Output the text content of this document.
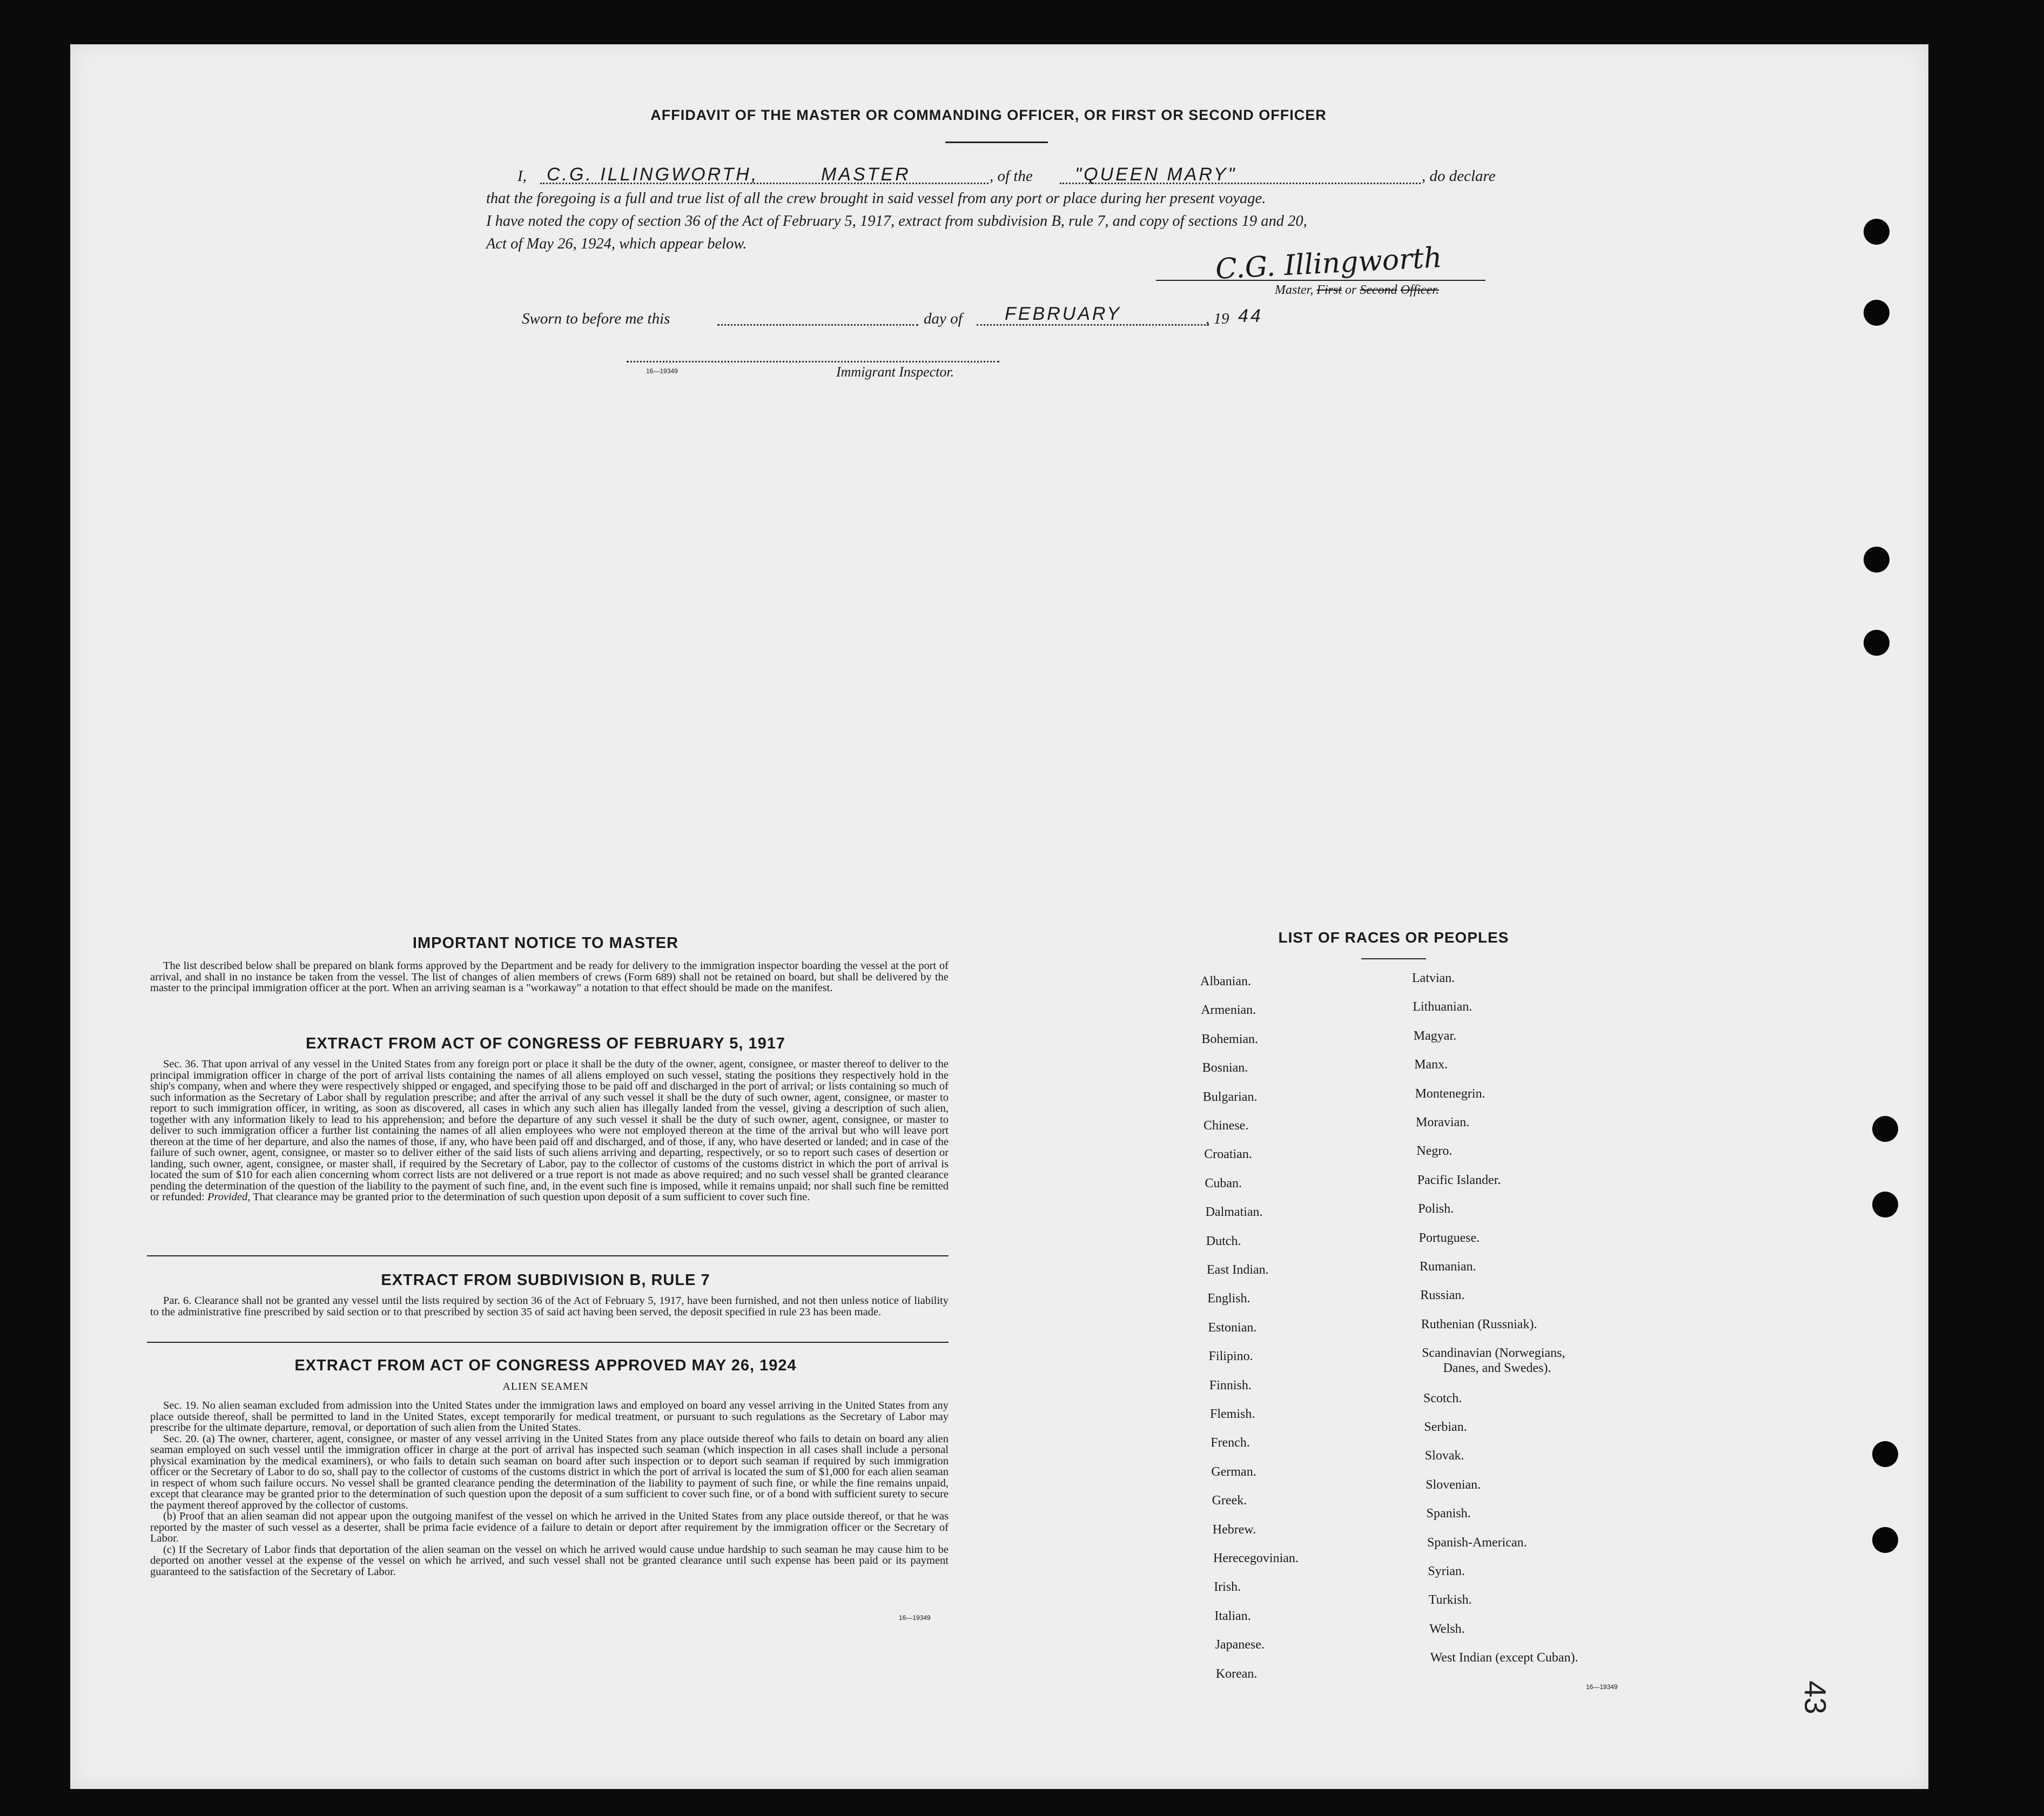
AFFIDAVIT OF THE MASTER OR COMMANDING OFFICER, OR FIRST OR SECOND OFFICER
I, C.G. ILLINGWORTH,	MASTER	, of the "QUEEN MARY"	, do declare
that the foregoing is a full and true list of all the crew brought in said vessel from any port or place during her present voyage.
I have noted the copy of section 36 of the Act of February 5, 1917, extract from subdivision B, rule 7, and copy of sections 19 and 20,
Act of May 26, 1924, which appear below.	C.G. Illingworth
Master, First or Second Officer.
Sworn to before me this	day of FEBRUARY	, 19 44
16—19349	Immigrant Inspector.
IMPORTANT NOTICE TO MASTER

The list described below shall be prepared on blank forms approved by the Department and be ready for delivery to the immigration inspector boarding the vessel at the port of arrival, and shall in no instance be taken from the vessel. The list of changes of alien members of crews (Form 689) shall not be retained on board, but shall be delivered by the master to the principal immigration officer at the port. When an arriving seaman is a "workaway" a notation to that effect should be made on the manifest.

EXTRACT FROM ACT OF CONGRESS OF FEBRUARY 5, 1917

Sec. 36. That upon arrival of any vessel in the United States from any foreign port or place it shall be the duty of the owner, agent, consignee, or master thereof to deliver to the principal immigration officer in charge of the port of arrival lists containing the names of all aliens employed on such vessel, stating the positions they respectively hold in the ship's company, when and where they were respectively shipped or engaged, and specifying those to be paid off and discharged in the port of arrival; or lists containing so much of such information as the Secretary of Labor shall by regulation prescribe; and after the arrival of any such vessel it shall be the duty of such owner, agent, consignee, or master to report to such immigration officer, in writing, as soon as discovered, all cases in which any such alien has illegally landed from the vessel, giving a description of such alien, together with any information likely to lead to his apprehension; and before the departure of any such vessel it shall be the duty of such owner, agent, consignee, or master to deliver to such immigration officer a further list containing the names of all alien employees who were not employed thereon at the time of the arrival but who will leave port thereon at the time of her departure, and also the names of those, if any, who have been paid off and discharged, and of those, if any, who have deserted or landed; and in case of the failure of such owner, agent, consignee, or master so to deliver either of the said lists of such aliens arriving and departing, respectively, or so to report such cases of desertion or landing, such owner, agent, consignee, or master shall, if required by the Secretary of Labor, pay to the collector of customs of the customs district in which the port of arrival is located the sum of $10 for each alien concerning whom correct lists are not delivered or a true report is not made as above required; and no such vessel shall be granted clearance pending the determination of the question of the liability to the payment of such fine, and, in the event such fine is imposed, while it remains unpaid; nor shall such fine be remitted or refunded: Provided, That clearance may be granted prior to the determination of such question upon deposit of a sum sufficient to cover such fine.

EXTRACT FROM SUBDIVISION B, RULE 7

Par. 6. Clearance shall not be granted any vessel until the lists required by section 36 of the Act of February 5, 1917, have been furnished, and not then unless notice of liability to the administrative fine prescribed by said section or to that prescribed by section 35 of said act having been served, the deposit specified in rule 23 has been made.

EXTRACT FROM ACT OF CONGRESS APPROVED MAY 26, 1924
ALIEN SEAMEN

Sec. 19. No alien seaman excluded from admission into the United States under the immigration laws and employed on board any vessel arriving in the United States from any place outside thereof, shall be permitted to land in the United States, except temporarily for medical treatment, or pursuant to such regulations as the Secretary of Labor may prescribe for the ultimate departure, removal, or deportation of such alien from the United States.

Sec. 20. (a) The owner, charterer, agent, consignee, or master of any vessel arriving in the United States from any place outside thereof who fails to detain on board any alien seaman employed on such vessel until the immigration officer in charge at the port of arrival has inspected such seaman (which inspection in all cases shall include a personal physical examination by the medical examiners), or who fails to detain such seaman on board after such inspection or to deport such seaman if required by such immigration officer or the Secretary of Labor to do so, shall pay to the collector of customs of the customs district in which the port of arrival is located the sum of $1,000 for each alien seaman in respect of whom such failure occurs. No vessel shall be granted clearance pending the determination of the liability to payment of such fine, or while the fine remains unpaid, except that clearance may be granted prior to the determination of such question upon the deposit of a sum sufficient to cover such fine, or of a bond with sufficient surety to secure the payment thereof approved by the collector of customs.

(b) Proof that an alien seaman did not appear upon the outgoing manifest of the vessel on which he arrived in the United States from any place outside thereof, or that he was reported by the master of such vessel as a deserter, shall be prima facie evidence of a failure to detain or deport after requirement by the immigration officer or the Secretary of Labor.

(c) If the Secretary of Labor finds that deportation of the alien seaman on the vessel on which he arrived would cause undue hardship to such seaman he may cause him to be deported on another vessel at the expense of the vessel on which he arrived, and such vessel shall not be granted clearance until such expense has been paid or its payment guaranteed to the satisfaction of the Secretary of Labor.

16—19349
LIST OF RACES OR PEOPLES
Albanian.
Armenian.
Bohemian.
Bosnian.
Bulgarian.
Chinese.
Croatian.
Cuban.
Dalmatian.
Dutch.
East Indian.
English.
Estonian.
Filipino.
Finnish.
Flemish.
French.
German.
Greek.
Hebrew.
Herecegovinian.
Irish.
Italian.
Japanese.
Korean.
Latvian.
Lithuanian.
Magyar.
Manx.
Montenegrin.
Moravian.
Negro.
Pacific Islander.
Polish.
Portuguese.
Rumanian.
Russian.
Ruthenian (Russniak).
Scandinavian (Norwegians,
Danes, and Swedes).
Scotch.
Serbian.
Slovak.
Slovenian.
Spanish.
Spanish-American.
Syrian.
Turkish.
Welsh.
West Indian (except Cuban).
16—19349	43
